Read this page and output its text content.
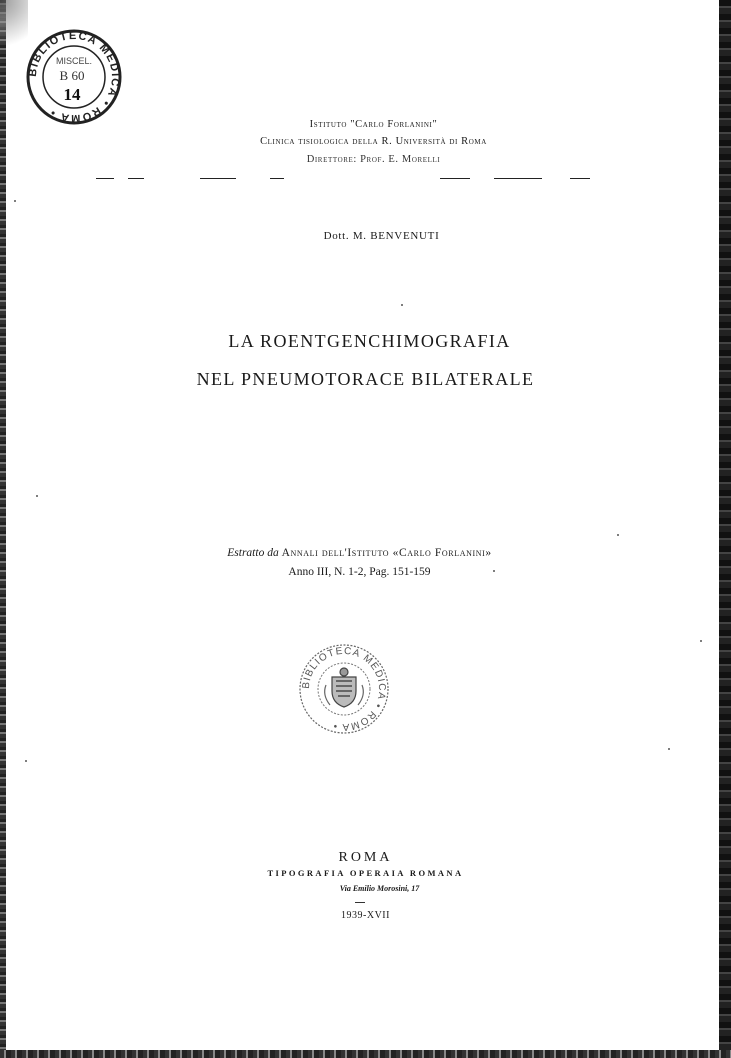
BIBLIOTECA MEDICA • ROMA •
MISCEL.
B 60
14
Istituto "Carlo Forlanini"
Clinica tisiologica della R. Università di Roma
Direttore: Prof. E. Morelli
Dott. M. BENVENUTI
LA ROENTGENCHIMOGRAFIA
NEL PNEUMOTORACE BILATERALE
Estratto da Annali dell'Istituto «Carlo Forlanini»
Anno III, N. 1-2, Pag. 151-159
BIBLIOTECA MEDICA • ROMA •
ROMA
TIPOGRAFIA OPERAIA ROMANA
Via Emilio Morosini, 17
1939-XVII
